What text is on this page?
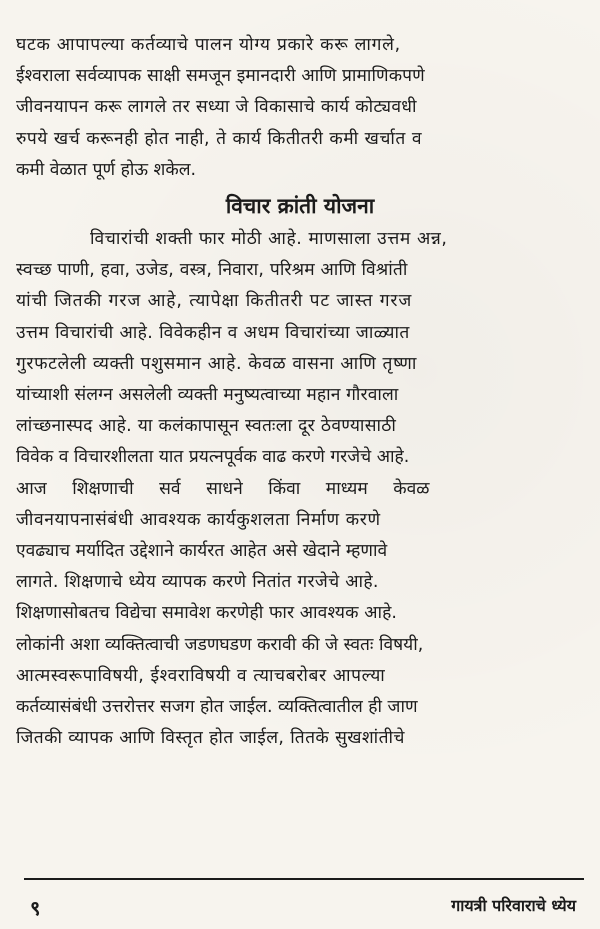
घटक आपापल्या कर्तव्याचे पालन योग्य प्रकारे करू लागले,
ईश्वराला सर्वव्यापक साक्षी समजून इमानदारी आणि प्रामाणिकपणे
जीवनयापन करू लागले तर सध्या जे विकासाचे कार्य कोट्यवधी
रुपये खर्च करूनही होत नाही, ते कार्य कितीतरी कमी खर्चात व
कमी वेळात पूर्ण होऊ शकेल.

विचार क्रांती योजना

विचारांची शक्ती फार मोठी आहे. माणसाला उत्तम अन्न,
स्वच्छ पाणी, हवा, उजेड, वस्त्र, निवारा, परिश्रम आणि विश्रांती
यांची जितकी गरज आहे, त्यापेक्षा कितीतरी पट जास्त गरज
उत्तम विचारांची आहे. विवेकहीन व अधम विचारांच्या जाळ्यात
गुरफटलेली व्यक्ती पशुसमान आहे. केवळ वासना आणि तृष्णा
यांच्याशी संलग्न असलेली व्यक्ती मनुष्यत्वाच्या महान गौरवाला
लांच्छनास्पद आहे. या कलंकापासून स्वतःला दूर ठेवण्यासाठी
विवेक व विचारशीलता यात प्रयत्नपूर्वक वाढ करणे गरजेचे आहे.
आज शिक्षणाची सर्व साधने किंवा माध्यम केवळ
जीवनयापनासंबंधी आवश्यक कार्यकुशलता निर्माण करणे
एवढ्याच मर्यादित उद्देशाने कार्यरत आहेत असे खेदाने म्हणावे
लागते. शिक्षणाचे ध्येय व्यापक करणे नितांत गरजेचे आहे.
शिक्षणासोबतच विद्येचा समावेश करणेही फार आवश्यक आहे.
लोकांनी अशा व्यक्तित्वाची जडणघडण करावी की जे स्वतः विषयी,
आत्मस्वरूपाविषयी, ईश्वराविषयी व त्याचबरोबर आपल्या
कर्तव्यासंबंधी उत्तरोत्तर सजग होत जाईल. व्यक्तित्वातील ही जाण
जितकी व्यापक आणि विस्तृत होत जाईल, तितके सुखशांतीचे

९	गायत्री परिवाराचे ध्येय
